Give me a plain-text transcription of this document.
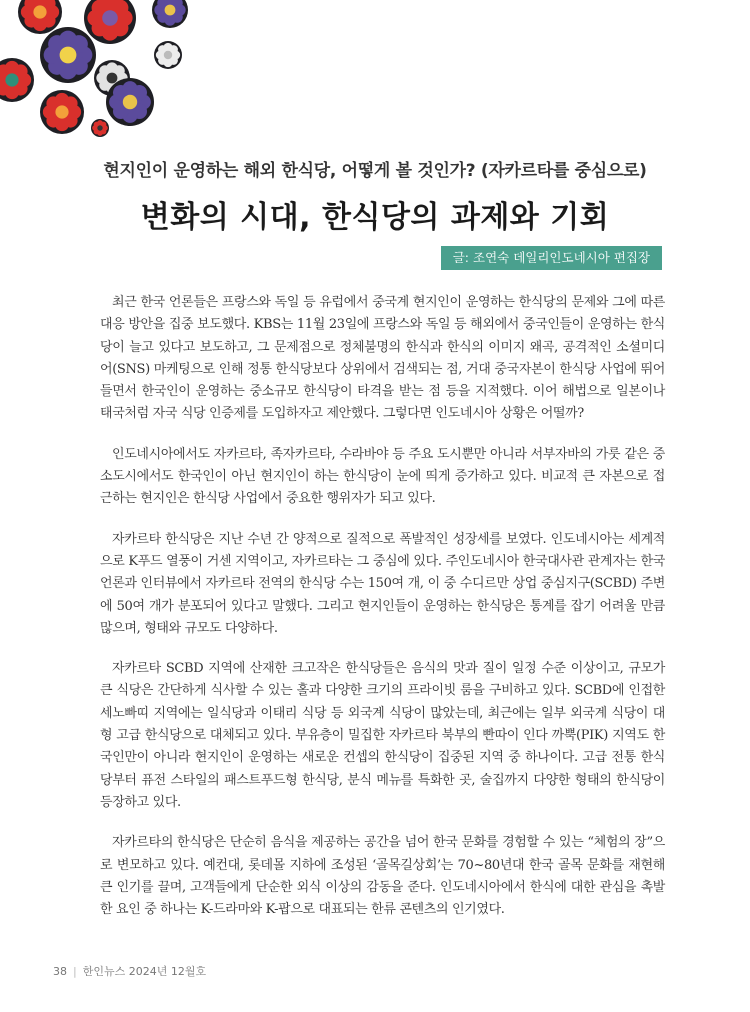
현지인이 운영하는 해외 한식당, 어떻게 볼 것인가? (자카르타를 중심으로)
변화의 시대, 한식당의 과제와 기회
글: 조연숙 데일리인도네시아 편집장

최근 한국 언론들은 프랑스와 독일 등 유럽에서 중국계 현지인이 운영하는 한식당의 문제와 그에 따른 대응 방안을 집중 보도했다. KBS는 11월 23일에 프랑스와 독일 등 해외에서 중국인들이 운영하는 한식당이 늘고 있다고 보도하고, 그 문제점으로 정체불명의 한식과 한식의 이미지 왜곡, 공격적인 소셜미디어(SNS) 마케팅으로 인해 정통 한식당보다 상위에서 검색되는 점, 거대 중국자본이 한식당 사업에 뛰어들면서 한국인이 운영하는 중소규모 한식당이 타격을 받는 점 등을 지적했다. 이어 해법으로 일본이나 태국처럼 자국 식당 인증제를 도입하자고 제안했다. 그렇다면 인도네시아 상황은 어떨까?

인도네시아에서도 자카르타, 족자카르타, 수라바야 등 주요 도시뿐만 아니라 서부자바의 가룻 같은 중소도시에서도 한국인이 아닌 현지인이 하는 한식당이 눈에 띄게 증가하고 있다. 비교적 큰 자본으로 접근하는 현지인은 한식당 사업에서 중요한 행위자가 되고 있다.

자카르타 한식당은 지난 수년 간 양적으로 질적으로 폭발적인 성장세를 보였다. 인도네시아는 세계적으로 K푸드 열풍이 거센 지역이고, 자카르타는 그 중심에 있다. 주인도네시아 한국대사관 관계자는 한국 언론과 인터뷰에서 자카르타 전역의 한식당 수는 150여 개, 이 중 수디르만 상업 중심지구(SCBD) 주변에 50여 개가 분포되어 있다고 말했다. 그리고 현지인들이 운영하는 한식당은 통계를 잡기 어려울 만큼 많으며, 형태와 규모도 다양하다.

자카르타 SCBD 지역에 산재한 크고작은 한식당들은 음식의 맛과 질이 일정 수준 이상이고, 규모가 큰 식당은 간단하게 식사할 수 있는 홀과 다양한 크기의 프라이빗 룸을 구비하고 있다. SCBD에 인접한 세노빠띠 지역에는 일식당과 이태리 식당 등 외국계 식당이 많았는데, 최근에는 일부 외국계 식당이 대형 고급 한식당으로 대체되고 있다. 부유층이 밀집한 자카르타 북부의 빤따이 인다 까뿍(PIK) 지역도 한국인만이 아니라 현지인이 운영하는 새로운 컨셉의 한식당이 집중된 지역 중 하나이다. 고급 전통 한식당부터 퓨전 스타일의 패스트푸드형 한식당, 분식 메뉴를 특화한 곳, 술집까지 다양한 형태의 한식당이 등장하고 있다.

자카르타의 한식당은 단순히 음식을 제공하는 공간을 넘어 한국 문화를 경험할 수 있는 “체험의 장”으로 변모하고 있다. 예컨대, 롯데몰 지하에 조성된 ‘골목길상회’는 70~80년대 한국 골목 문화를 재현해 큰 인기를 끌며, 고객들에게 단순한 외식 이상의 감동을 준다. 인도네시아에서 한식에 대한 관심을 촉발한 요인 중 하나는 K-드라마와 K-팝으로 대표되는 한류 콘텐츠의 인기였다.

38 | 한인뉴스 2024년 12월호
